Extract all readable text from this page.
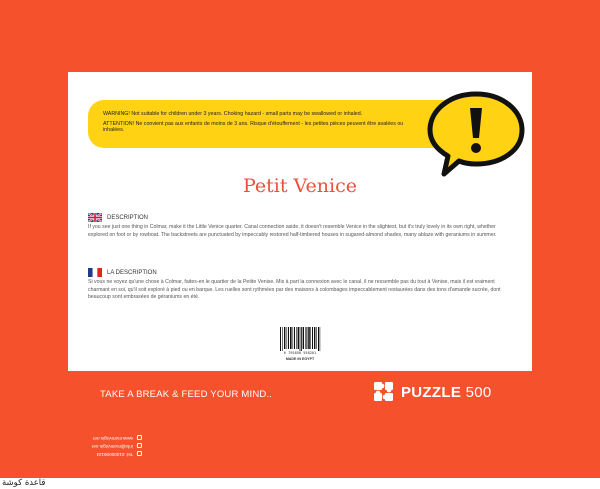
WARNING! Not suitable for children under 3 years. Choking hazard - small parts may be swallowed or inhaled.

ATTENTION! Ne convient pas aux enfants de moins de 3 ans. Risque d'étouffement - les petites pièces peuvent être avalées ou inhalées.

Petit Venice
DESCRIPTION
If you see just one thing in Colmar, make it the Little Venice quarter. Canal connection aside, it doesn't resemble Venice in the slightest, but it's truly lovely in its own right, whether explored on foot or by rowboat. The backstreets are punctuated by impeccably restored half-timbered houses in sugared-almond shades, many ablaze with geraniums in summer.
LA DESCRIPTION
Si vous ne voyez qu'une chose à Colmar, faites-en le quartier de la Petite Venise. Mis à part la connexion avec le canal, il ne ressemble pas du tout à Venise, mais il est vraiment charmant en soi, qu'il soit exploré à pied ou en barque. Les ruelles sont rythmées par des maisons à colombages impeccablement restaurées dans des tons d'amande sucrée, dont beaucoup sont embrasées de géraniums en été.
6 795850 558201
MADE IN EGYPT
TAKE A BREAK & FEED YOUR MIND..	PUZZLE 500
Tel: 01000009124
info@momvirgin.net
www.momvirgin.net
قاعدة كوشة
